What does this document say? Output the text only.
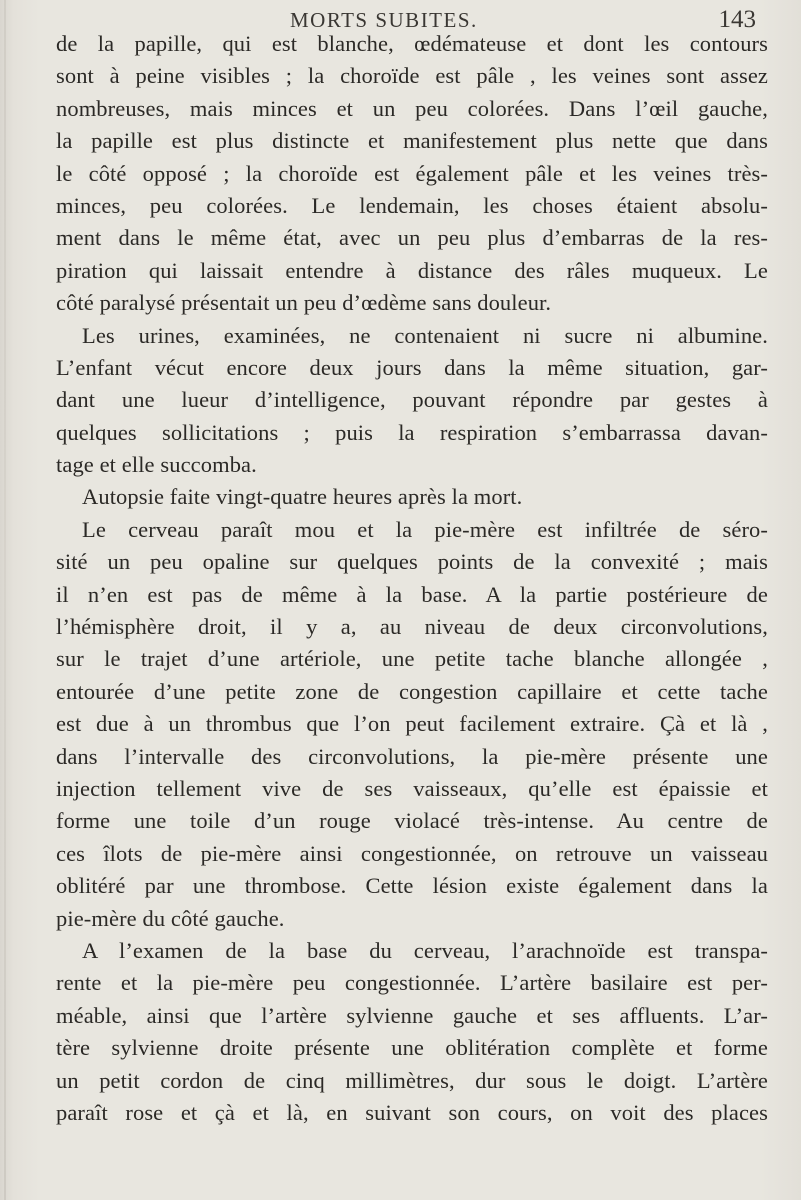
MORTS SUBITES.	143
de la papille, qui est blanche, œdémateuse et dont les contours
sont à peine visibles ; la choroïde est pâle , les veines sont assez
nombreuses, mais minces et un peu colorées. Dans l’œil gauche,
la papille est plus distincte et manifestement plus nette que dans
le côté opposé ; la choroïde est également pâle et les veines très-
minces, peu colorées. Le lendemain, les choses étaient absolu-
ment dans le même état, avec un peu plus d’embarras de la res-
piration qui laissait entendre à distance des râles muqueux. Le
côté paralysé présentait un peu d’œdème sans douleur.
Les urines, examinées, ne contenaient ni sucre ni albumine.
L’enfant vécut encore deux jours dans la même situation, gar-
dant une lueur d’intelligence, pouvant répondre par gestes à
quelques sollicitations ; puis la respiration s’embarrassa davan-
tage et elle succomba.
Autopsie faite vingt-quatre heures après la mort.
Le cerveau paraît mou et la pie-mère est infiltrée de séro-
sité un peu opaline sur quelques points de la convexité ; mais
il n’en est pas de même à la base. A la partie postérieure de
l’hémisphère droit, il y a, au niveau de deux circonvolutions,
sur le trajet d’une artériole, une petite tache blanche allongée ,
entourée d’une petite zone de congestion capillaire et cette tache
est due à un thrombus que l’on peut facilement extraire. Çà et là ,
dans l’intervalle des circonvolutions, la pie-mère présente une
injection tellement vive de ses vaisseaux, qu’elle est épaissie et
forme une toile d’un rouge violacé très-intense. Au centre de
ces îlots de pie-mère ainsi congestionnée, on retrouve un vaisseau
oblitéré par une thrombose. Cette lésion existe également dans la
pie-mère du côté gauche.
A l’examen de la base du cerveau, l’arachnoïde est transpa-
rente et la pie-mère peu congestionnée. L’artère basilaire est per-
méable, ainsi que l’artère sylvienne gauche et ses affluents. L’ar-
tère sylvienne droite présente une oblitération complète et forme
un petit cordon de cinq millimètres, dur sous le doigt. L’artère
paraît rose et çà et là, en suivant son cours, on voit des places
